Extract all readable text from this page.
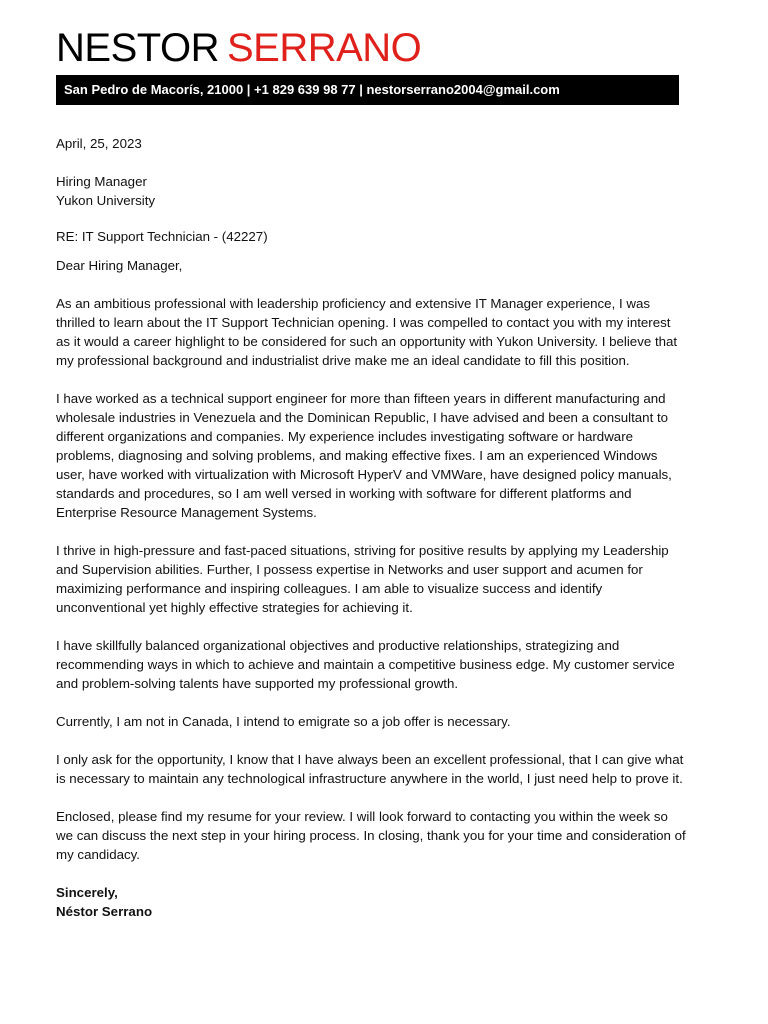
NESTOR SERRANO
San Pedro de Macorís, 21000 | +1 829 639 98 77 | nestorserrano2004@gmail.com

April, 25, 2023

Hiring Manager

Yukon University

RE: IT Support Technician - (42227)

Dear Hiring Manager,

As an ambitious professional with leadership proficiency and extensive IT Manager experience, I was thrilled to learn about the IT Support Technician opening. I was compelled to contact you with my interest as it would a career highlight to be considered for such an opportunity with Yukon University. I believe that my professional background and industrialist drive make me an ideal candidate to fill this position.

I have worked as a technical support engineer for more than fifteen years in different manufacturing and wholesale industries in Venezuela and the Dominican Republic, I have advised and been a consultant to different organizations and companies. My experience includes investigating software or hardware problems, diagnosing and solving problems, and making effective fixes. I am an experienced Windows user, have worked with virtualization with Microsoft HyperV and VMWare, have designed policy manuals, standards and procedures, so I am well versed in working with software for different platforms and Enterprise Resource Management Systems.

I thrive in high-pressure and fast-paced situations, striving for positive results by applying my Leadership and Supervision abilities. Further, I possess expertise in Networks and user support and acumen for maximizing performance and inspiring colleagues. I am able to visualize success and identify unconventional yet highly effective strategies for achieving it.

I have skillfully balanced organizational objectives and productive relationships, strategizing and recommending ways in which to achieve and maintain a competitive business edge. My customer service and problem-solving talents have supported my professional growth.

Currently, I am not in Canada, I intend to emigrate so a job offer is necessary.

I only ask for the opportunity, I know that I have always been an excellent professional, that I can give what is necessary to maintain any technological infrastructure anywhere in the world, I just need help to prove it.

Enclosed, please find my resume for your review. I will look forward to contacting you within the week so we can discuss the next step in your hiring process. In closing, thank you for your time and consideration of my candidacy.

Sincerely,

Néstor Serrano
